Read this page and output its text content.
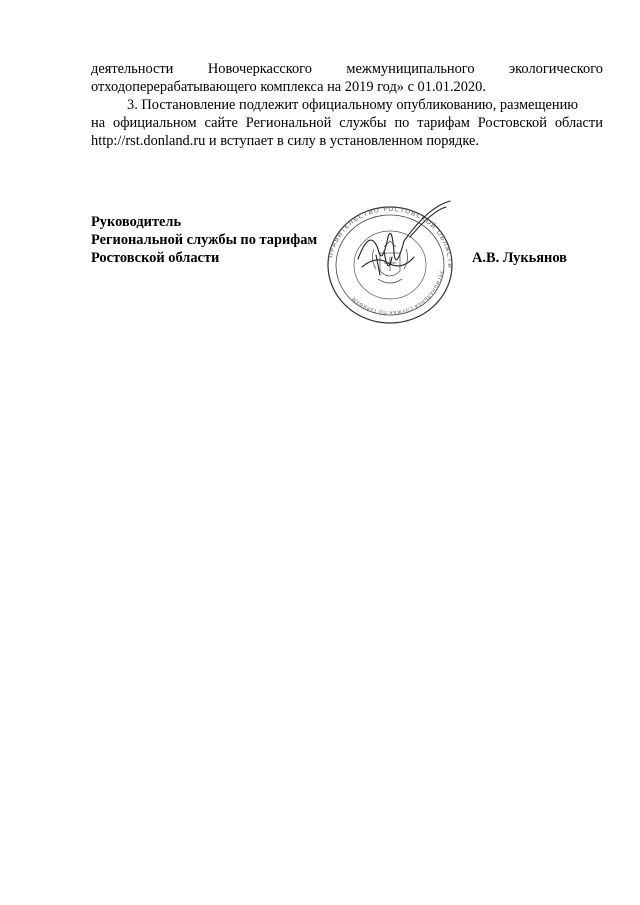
деятельности Новочеркасского межмуниципального экологического
отходоперерабатывающего комплекса на 2019 год» с 01.01.2020.
3. Постановление подлежит официальному опубликованию, размещению
на официальном сайте Региональной службы по тарифам Ростовской области
http://rst.donland.ru и вступает в силу в установленном порядке.
Руководитель
Региональной службы по тарифам
Ростовской области	А.В. Лукьянов
ПРАВИТЕЛЬСТВО РОСТОВСКОЙ ОБЛАСТИ
РЕГИОНАЛЬНАЯ СЛУЖБА ПО ТАРИФАМ
